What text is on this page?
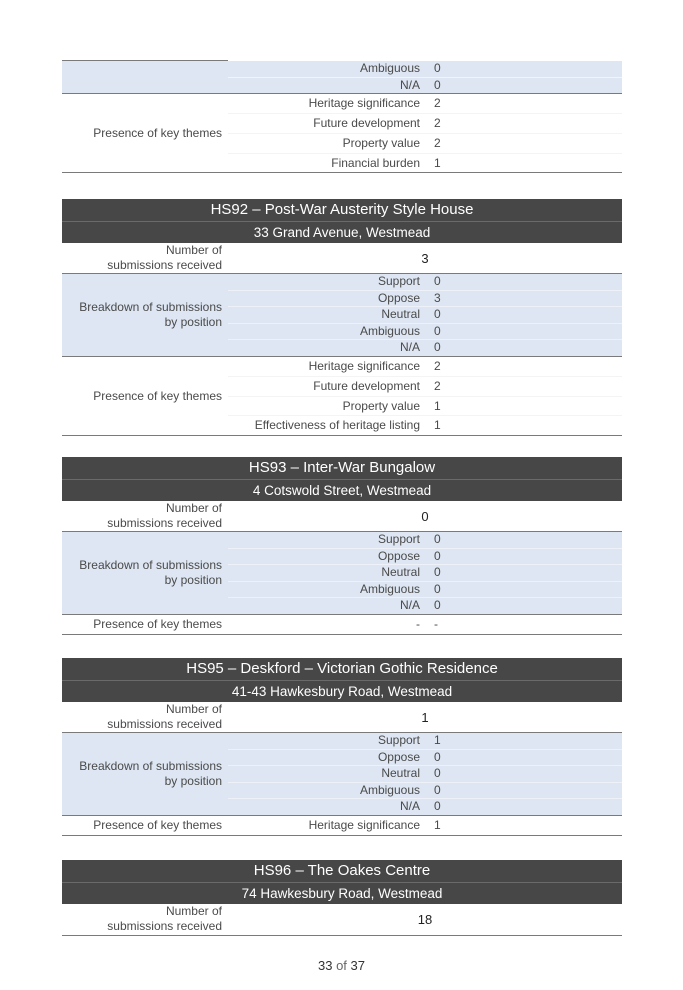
	Ambiguous	0
	N/A	0
Presence of key themes	Heritage significance	2
	Future development	2
	Property value	2
	Financial burden	1
HS92 – Post-War Austerity Style House		
33 Grand Avenue, Westmead		
Number of
submissions received	3	
Breakdown of submissions
by position	Support	0
	Oppose	3
	Neutral	0
	Ambiguous	0
	N/A	0
Presence of key themes	Heritage significance	2
	Future development	2
	Property value	1
	Effectiveness of heritage listing	1
HS93 – Inter-War Bungalow		
4 Cotswold Street, Westmead		
Number of
submissions received	0	
Breakdown of submissions
by position	Support	0
	Oppose	0
	Neutral	0
	Ambiguous	0
	N/A	0
Presence of key themes	-	-
HS95 – Deskford – Victorian Gothic Residence		
41-43 Hawkesbury Road, Westmead		
Number of
submissions received	1	
Breakdown of submissions
by position	Support	1
	Oppose	0
	Neutral	0
	Ambiguous	0
	N/A	0
Presence of key themes	Heritage significance	1
HS96 – The Oakes Centre
74 Hawkesbury Road, Westmead
Number of
submissions received	18
33 of 37
